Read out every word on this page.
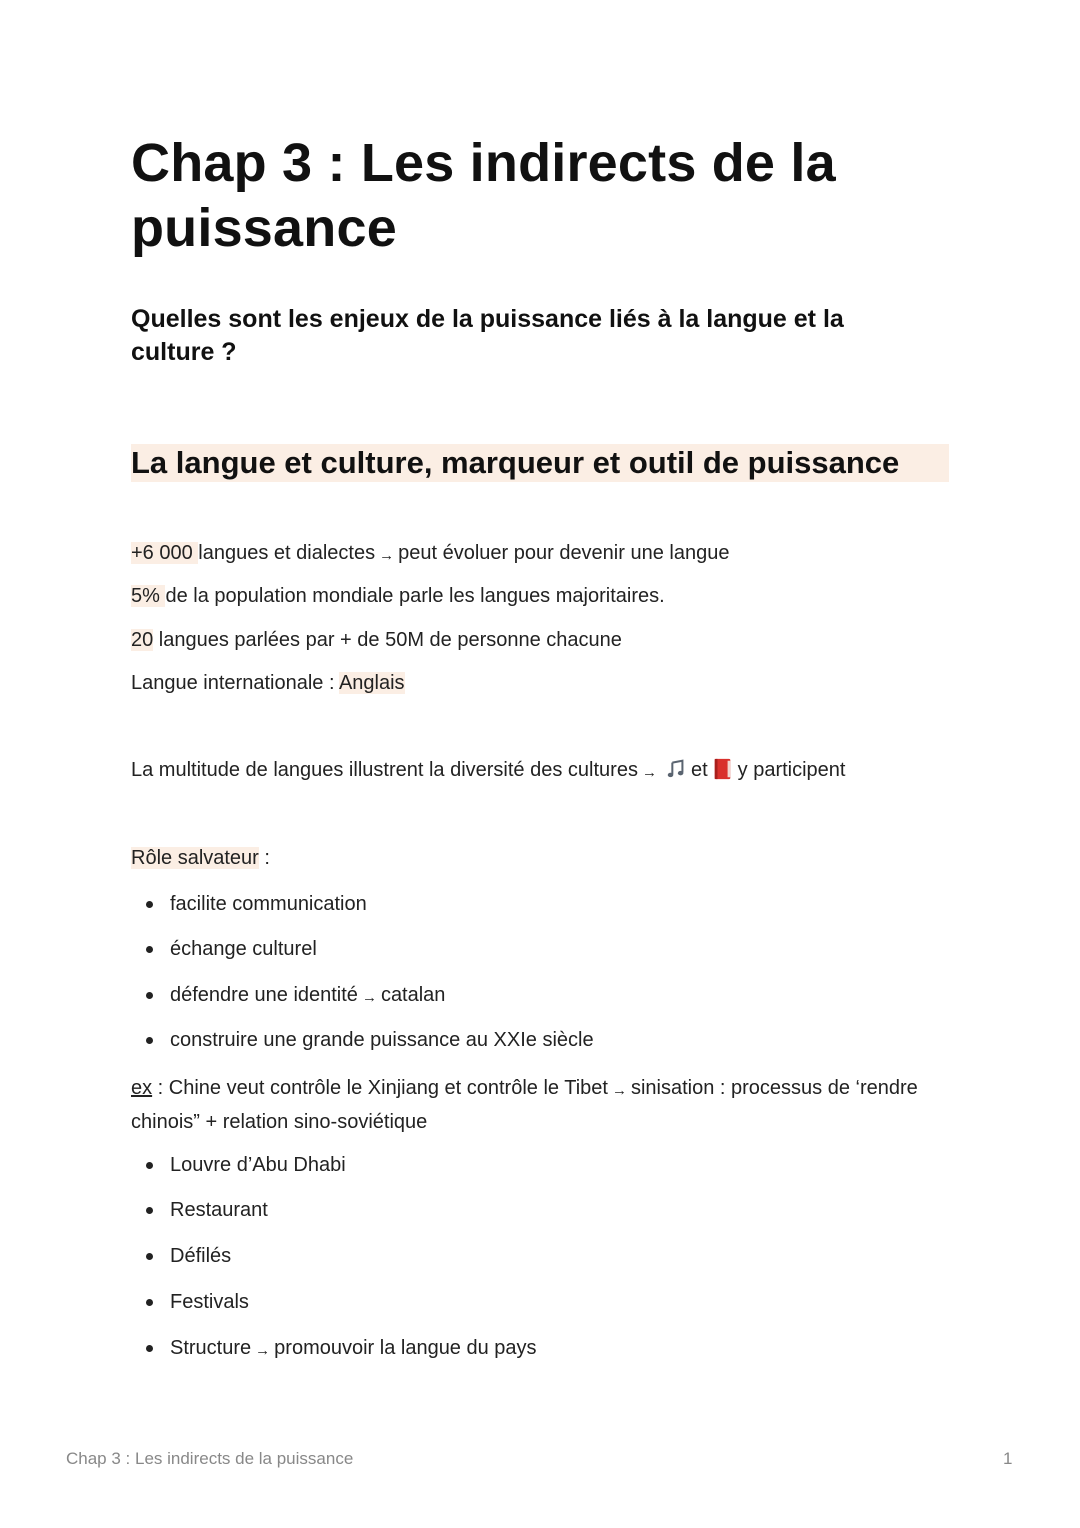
Chap 3 : Les indirects de la puissance
Quelles sont les enjeux de la puissance liés à la langue et la culture ?
La langue et culture, marqueur et outil de puissance
+6 000 langues et dialectes → peut évoluer pour devenir une langue
5% de la population mondiale parle les langues majoritaires.
20 langues parlées par + de 50M de personne chacune
Langue internationale : Anglais
La multitude de langues illustrent la diversité des cultures → et y participent
Rôle salvateur :
facilite communication
échange culturel
défendre une identité → catalan
construire une grande puissance au XXIe siècle
ex : Chine veut contrôle le Xinjiang et contrôle le Tibet → sinisation : processus de ‘rendre chinois” + relation sino-soviétique
Louvre d’Abu Dhabi
Restaurant
Défilés
Festivals
Structure → promouvoir la langue du pays
Chap 3 : Les indirects de la puissance	1
